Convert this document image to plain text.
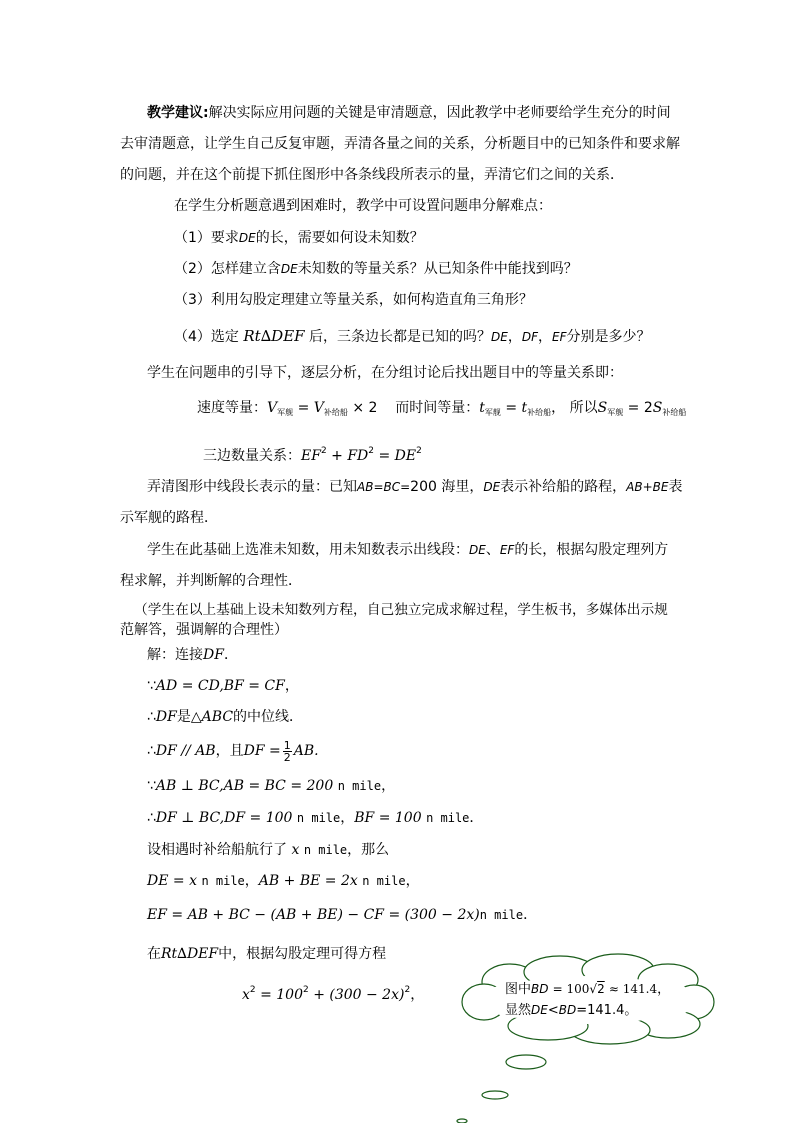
教学建议:解决实际应用问题的关键是审清题意，因此教学中老师要给学生充分的时间
去审清题意，让学生自己反复审题，弄清各量之间的关系，分析题目中的已知条件和要求解
的问题，并在这个前提下抓住图形中各条线段所表示的量，弄清它们之间的关系．
在学生分析题意遇到困难时，教学中可设置问题串分解难点：
（1）要求DE的长，需要如何设未知数？
（2）怎样建立含DE未知数的等量关系？从已知条件中能找到吗？
（3）利用勾股定理建立等量关系，如何构造直角三角形？
（4）选定 Rt∆DEF 后，三条边长都是已知的吗？DE，DF，EF分别是多少？
学生在问题串的引导下，逐层分析，在分组讨论后找出题目中的等量关系即：
速度等量：$V_{军舰} = V_{补给船} \times 2$ 而时间等量：$t_{军舰} = t_{补给船}$， 所以$S_{军舰} = 2S_{补给船}$
三边数量关系：$EF^2 + FD^2 = DE^2$
弄清图形中线段长表示的量：已知AB=BC=200 海里，DE表示补给船的路程，AB+BE表
示军舰的路程．
学生在此基础上选准未知数，用未知数表示出线段：DE、EF的长，根据勾股定理列方
程求解，并判断解的合理性．
（学生在以上基础上设未知数列方程，自己独立完成求解过程，学生板书，多媒体出示规
范解答，强调解的合理性）
解：连接DF．
∵AD = CD,BF = CF，
∴DF是△ABC的中位线．
∴DF // AB，且DF = $\frac{1}{2}$ AB.
∵AB ⊥ BC,AB = BC = 200 n mile，
∴DF ⊥ BC,DF = 100 n mile，BF = 100 n mile．
设相遇时补给船航行了 x n mile，那么
DE = x n mile，AB + BE = 2x n mile，
EF = AB + BC − (AB + BE) − CF = (300 − 2x)n mile．
在Rt∆DEF中，根据勾股定理可得方程
$x^2 = 100^2 + (300 - 2x)^2$，	图中BD = 100√2 ≈ 141.4，
显然DE<BD=141.4。
